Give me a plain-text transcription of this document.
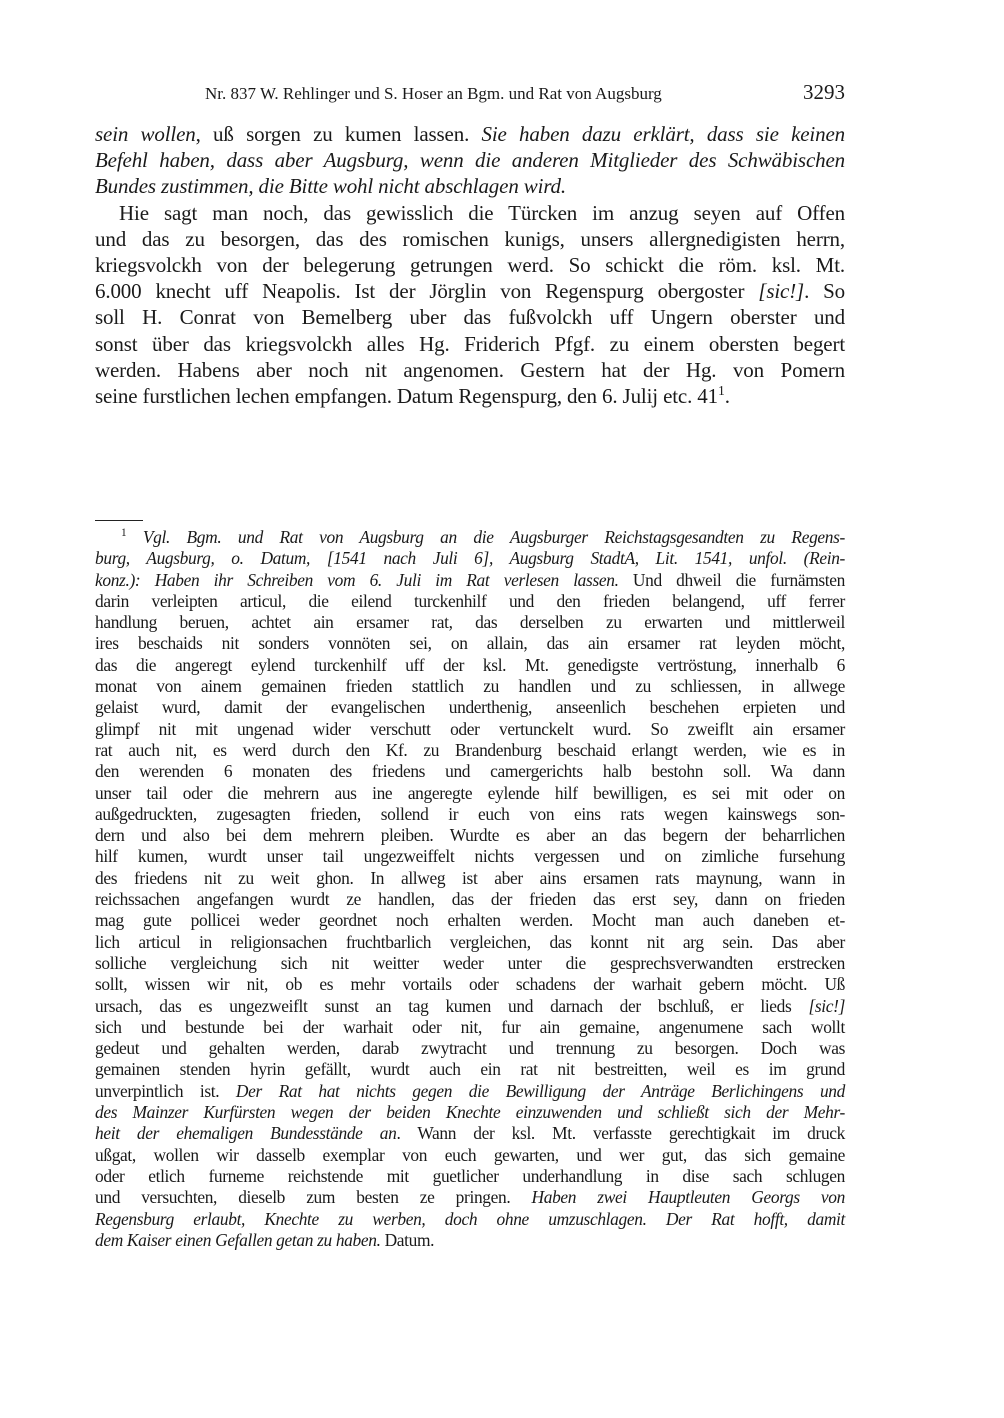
Nr. 837 W. Rehlinger und S. Hoser an Bgm. und Rat von Augsburg	3293
sein wollen, uß sorgen zu kumen lassen. Sie haben dazu erklärt, dass sie keinen
Befehl haben, dass aber Augsburg, wenn die anderen Mitglieder des Schwäbischen
Bundes zustimmen, die Bitte wohl nicht abschlagen wird.
Hie sagt man noch, das gewisslich die Türcken im anzug seyen auf Offen
und das zu besorgen, das des romischen kunigs, unsers allergnedigisten herrn,
kriegsvolckh von der belegerung getrungen werd. So schickt die röm. ksl. Mt.
6.000 knecht uff Neapolis. Ist der Jörglin von Regenspurg obergoster [sic!]. So
soll H. Conrat von Bemelberg uber das fußvolckh uff Ungern oberster und
sonst über das kriegsvolckh alles Hg. Friderich Pfgf. zu einem obersten begert
werden. Habens aber noch nit angenomen. Gestern hat der Hg. von Pomern
seine furstlichen lechen empfangen. Datum Regenspurg, den 6. Julij etc. $41^1$.
$^1$ Vgl. Bgm. und Rat von Augsburg an die Augsburger Reichstagsgesandten zu Regens-
burg, Augsburg, o. Datum, [1541 nach Juli 6], Augsburg StadtA, Lit. 1541, unfol. (Rein-
konz.): Haben ihr Schreiben vom 6. Juli im Rat verlesen lassen. Und dhweil die furnämsten
darin verleipten articul, die eilend turckenhilf und den frieden belangend, uff ferrer
handlung beruen, achtet ain ersamer rat, das derselben zu erwarten und mittlerweil
ires beschaids nit sonders vonnöten sei, on allain, das ain ersamer rat leyden möcht,
das die angeregt eylend turckenhilf uff der ksl. Mt. genedigste vertröstung, innerhalb 6
monat von ainem gemainen frieden stattlich zu handlen und zu schliessen, in allwege
gelaist wurd, damit der evangelischen underthenig, anseenlich beschehen erpieten und
glimpf nit mit ungenad wider verschutt oder vertunckelt wurd. So zweiflt ain ersamer
rat auch nit, es werd durch den Kf. zu Brandenburg beschaid erlangt werden, wie es in
den werenden 6 monaten des friedens und camergerichts halb bestohn soll. Wa dann
unser tail oder die mehrern aus ine angeregte eylende hilf bewilligen, es sei mit oder on
außgedruckten, zugesagten frieden, sollend ir euch von eins rats wegen kainswegs son-
dern und also bei dem mehrern pleiben. Wurdte es aber an das begern der beharrlichen
hilf kumen, wurdt unser tail ungezweiffelt nichts vergessen und on zimliche fursehung
des friedens nit zu weit ghon. In allweg ist aber ains ersamen rats maynung, wann in
reichssachen angefangen wurdt ze handlen, das der frieden das erst sey, dann on frieden
mag gute pollicei weder geordnet noch erhalten werden. Mocht man auch daneben et-
lich articul in religionsachen fruchtbarlich vergleichen, das konnt nit arg sein. Das aber
solliche vergleichung sich nit weitter weder unter die gesprechsverwandten erstrecken
sollt, wissen wir nit, ob es mehr vortails oder schadens der warhait gebern möcht. Uß
ursach, das es ungezweiflt sunst an tag kumen und darnach der bschluß, er lieds [sic!]
sich und bestunde bei der warhait oder nit, fur ain gemaine, angenumene sach wollt
gedeut und gehalten werden, darab zwytracht und trennung zu besorgen. Doch was
gemainen stenden hyrin gefällt, wurdt auch ein rat nit bestreitten, weil es im grund
unverpintlich ist. Der Rat hat nichts gegen die Bewilligung der Anträge Berlichingens und
des Mainzer Kurfürsten wegen der beiden Knechte einzuwenden und schließt sich der Mehr-
heit der ehemaligen Bundesstände an. Wann der ksl. Mt. verfasste gerechtigkait im druck
ußgat, wollen wir dasselb exemplar von euch gewarten, und wer gut, das sich gemaine
oder etlich furneme reichstende mit guetlicher underhandlung in dise sach schlugen
und versuchten, dieselb zum besten ze pringen. Haben zwei Hauptleuten Georgs von
Regensburg erlaubt, Knechte zu werben, doch ohne umzuschlagen. Der Rat hofft, damit
dem Kaiser einen Gefallen getan zu haben. Datum.
